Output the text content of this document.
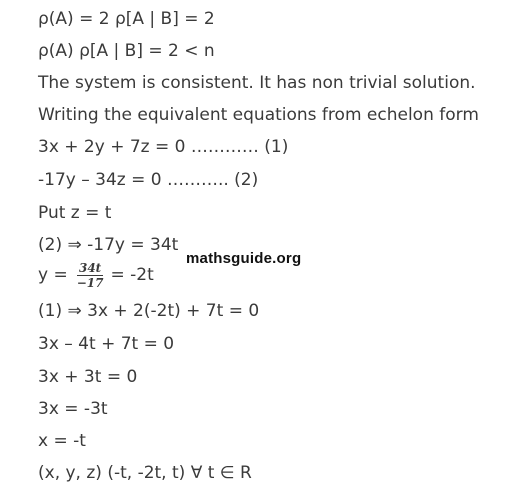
ρ(A) = 2 ρ[A | B] = 2
ρ(A) ρ[A | B] = 2 < n
The system is consistent. It has non trivial solution.
Writing the equivalent equations from echelon form
3x + 2y + 7z = 0 ………… (1)
-17y – 34z = 0 ……….. (2)
Put z = t
(2) ⇒ -17y = 34t
$y = \frac{34t}{-17} = -2t$
(1) ⇒ 3x + 2(-2t) + 7t = 0
3x – 4t + 7t = 0
3x + 3t = 0
3x = -3t
x = -t
(x, y, z) (-t, -2t, t) ∀ t ∈ R
mathsguide.org
